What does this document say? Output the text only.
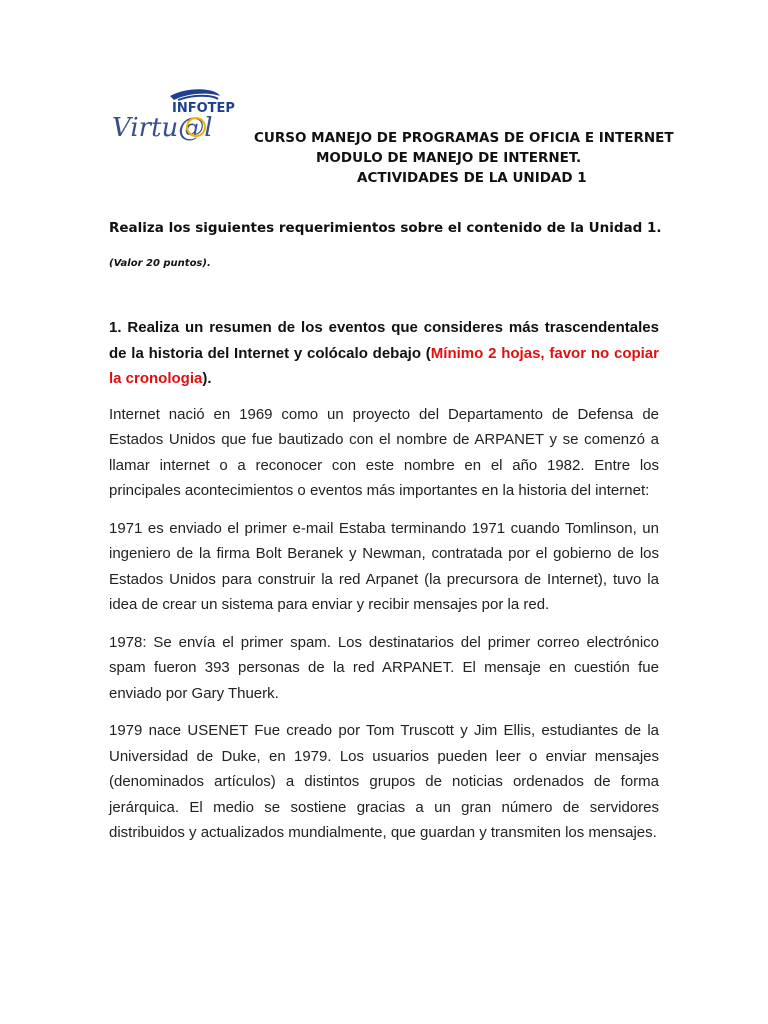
INFOTEP
Virtu@l	CURSO MANEJO DE PROGRAMAS DE OFICIA E INTERNET
MODULO DE MANEJO DE INTERNET.
ACTIVIDADES DE LA UNIDAD 1
Realiza los siguientes requerimientos sobre el contenido de la Unidad 1.
(Valor 20 puntos).

1. Realiza un resumen de los eventos que consideres más trascendentales de la historia del Internet y colócalo debajo (Mínimo 2 hojas, favor no copiar la cronologia).

Internet nació en 1969 como un proyecto del Departamento de Defensa de Estados Unidos que fue bautizado con el nombre de ARPANET y se comenzó a llamar internet o a reconocer con este nombre en el año 1982. Entre los principales acontecimientos o eventos más importantes en la historia del internet:

1971 es enviado el primer e-mail Estaba terminando 1971 cuando Tomlinson, un ingeniero de la firma Bolt Beranek y Newman, contratada por el gobierno de los Estados Unidos para construir la red Arpanet (la precursora de Internet), tuvo la idea de crear un sistema para enviar y recibir mensajes por la red.

1978: Se envía el primer spam. Los destinatarios del primer correo electrónico spam fueron 393 personas de la red ARPANET. El mensaje en cuestión fue enviado por Gary Thuerk.

1979 nace USENET Fue creado por Tom Truscott y Jim Ellis, estudiantes de la Universidad de Duke, en 1979. Los usuarios pueden leer o enviar mensajes (denominados artículos) a distintos grupos de noticias ordenados de forma jerárquica. El medio se sostiene gracias a un gran número de servidores distribuidos y actualizados mundialmente, que guardan y transmiten los mensajes.
